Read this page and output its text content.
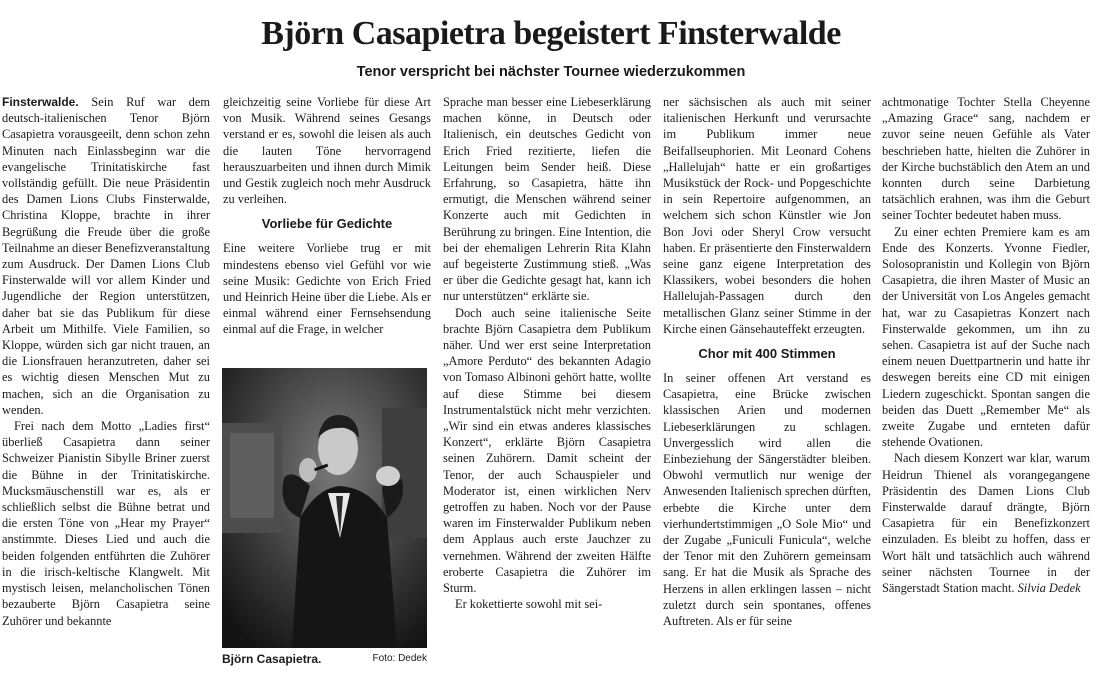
Björn Casapietra begeistert Finsterwalde
Tenor verspricht bei nächster Tournee wiederzukommen

Finsterwalde. Sein Ruf war dem deutsch-italienischen Tenor Björn Casapietra vorausgeeilt, denn schon zehn Minuten nach Einlassbeginn war die evangelische Trinitatiskirche fast vollständig gefüllt. Die neue Präsidentin des Damen Lions Clubs Finsterwalde, Christina Kloppe, brachte in ihrer Begrüßung die Freude über die große Teilnahme an dieser Benefizveranstaltung zum Ausdruck. Der Damen Lions Club Finsterwalde will vor allem Kinder und Jugendliche der Region unterstützen, daher bat sie das Publikum für diese Arbeit um Mithilfe. Viele Familien, so Kloppe, würden sich gar nicht trauen, an die Lionsfrauen heranzutreten, daher sei es wichtig diesen Menschen Mut zu machen, sich an die Organisation zu wenden.

Frei nach dem Motto „Ladies first“ überließ Casapietra dann seiner Schweizer Pianistin Sibylle Briner zuerst die Bühne in der Trinitatiskirche. Mucksmäuschenstill war es, als er schließlich selbst die Bühne betrat und die ersten Töne von „Hear my Prayer“ anstimmte. Dieses Lied und auch die beiden folgenden entführten die Zuhörer in die irisch-keltische Klangwelt. Mit mystisch leisen, melancholischen Tönen bezauberte Björn Casapietra seine Zuhörer und bekannte

gleichzeitig seine Vorliebe für diese Art von Musik. Während seines Gesangs verstand er es, sowohl die leisen als auch die lauten Töne hervorragend herauszuarbeiten und ihnen durch Mimik und Gestik zugleich noch mehr Ausdruck zu verleihen.

Vorliebe für Gedichte

Eine weitere Vorliebe trug er mit mindestens ebenso viel Gefühl vor wie seine Musik: Gedichte von Erich Fried und Heinrich Heine über die Liebe. Als er einmal während einer Fernsehsendung einmal auf die Frage, in welcher

Björn Casapietra.	Foto: Dedek

Sprache man besser eine Liebeserklärung machen könne, in Deutsch oder Italienisch, ein deutsches Gedicht von Erich Fried rezitierte, liefen die Leitungen beim Sender heiß. Diese Erfahrung, so Casapietra, hätte ihn ermutigt, die Menschen während seiner Konzerte auch mit Gedichten in Berührung zu bringen. Eine Intention, die bei der ehemaligen Lehrerin Rita Klahn auf begeisterte Zustimmung stieß. „Was er über die Gedichte gesagt hat, kann ich nur unterstützen“ erklärte sie.

Doch auch seine italienische Seite brachte Björn Casapietra dem Publikum näher. Und wer erst seine Interpretation „Amore Perduto“ des bekannten Adagio von Tomaso Albinoni gehört hatte, wollte auf diese Stimme bei diesem Instrumentalstück nicht mehr verzichten. „Wir sind ein etwas anderes klassisches Konzert“, erklärte Björn Casapietra seinen Zuhörern. Damit scheint der Tenor, der auch Schauspieler und Moderator ist, einen wirklichen Nerv getroffen zu haben. Noch vor der Pause waren im Finsterwalder Publikum neben dem Applaus auch erste Jauchzer zu vernehmen. Während der zweiten Hälfte eroberte Casapietra die Zuhörer im Sturm.

Er kokettierte sowohl mit sei-

ner sächsischen als auch mit seiner italienischen Herkunft und verursachte im Publikum immer neue Beifallseuphorien. Mit Leonard Cohens „Hallelujah“ hatte er ein großartiges Musikstück der Rock- und Popgeschichte in sein Repertoire aufgenommen, an welchem sich schon Künstler wie Jon Bon Jovi oder Sheryl Crow versucht haben. Er präsentierte den Finsterwaldern seine ganz eigene Interpretation des Klassikers, wobei besonders die hohen Hallelujah-Passagen durch den metallischen Glanz seiner Stimme in der Kirche einen Gänsehauteffekt erzeugten.

Chor mit 400 Stimmen

In seiner offenen Art verstand es Casapietra, eine Brücke zwischen klassischen Arien und modernen Liebeserklärungen zu schlagen. Unvergesslich wird allen die Einbeziehung der Sängerstädter bleiben. Obwohl vermutlich nur wenige der Anwesenden Italienisch sprechen dürften, erbebte die Kirche unter dem vierhundertstimmigen „O Sole Mio“ und der Zugabe „Funiculi Funicula“, welche der Tenor mit den Zuhörern gemeinsam sang. Er hat die Musik als Sprache des Herzens in allen erklingen lassen – nicht zuletzt durch sein spontanes, offenes Auftreten. Als er für seine

achtmonatige Tochter Stella Cheyenne „Amazing Grace“ sang, nachdem er zuvor seine neuen Gefühle als Vater beschrieben hatte, hielten die Zuhörer in der Kirche buchstäblich den Atem an und konnten durch seine Darbietung tatsächlich erahnen, was ihm die Geburt seiner Tochter bedeutet haben muss.

Zu einer echten Premiere kam es am Ende des Konzerts. Yvonne Fiedler, Solosopranistin und Kollegin von Björn Casapietra, die ihren Master of Music an der Universität von Los Angeles gemacht hat, war zu Casapietras Konzert nach Finsterwalde gekommen, um ihn zu sehen. Casapietra ist auf der Suche nach einem neuen Duettpartnerin und hatte ihr deswegen bereits eine CD mit einigen Liedern zugeschickt. Spontan sangen die beiden das Duett „Remember Me“ als zweite Zugabe und ernteten dafür stehende Ovationen.

Nach diesem Konzert war klar, warum Heidrun Thienel als vorangegangene Präsidentin des Damen Lions Club Finsterwalde darauf drängte, Björn Casapietra für ein Benefizkonzert einzuladen. Es bleibt zu hoffen, dass er Wort hält und tatsächlich auch während seiner nächsten Tournee in der Sängerstadt Station macht. Silvia Dedek
